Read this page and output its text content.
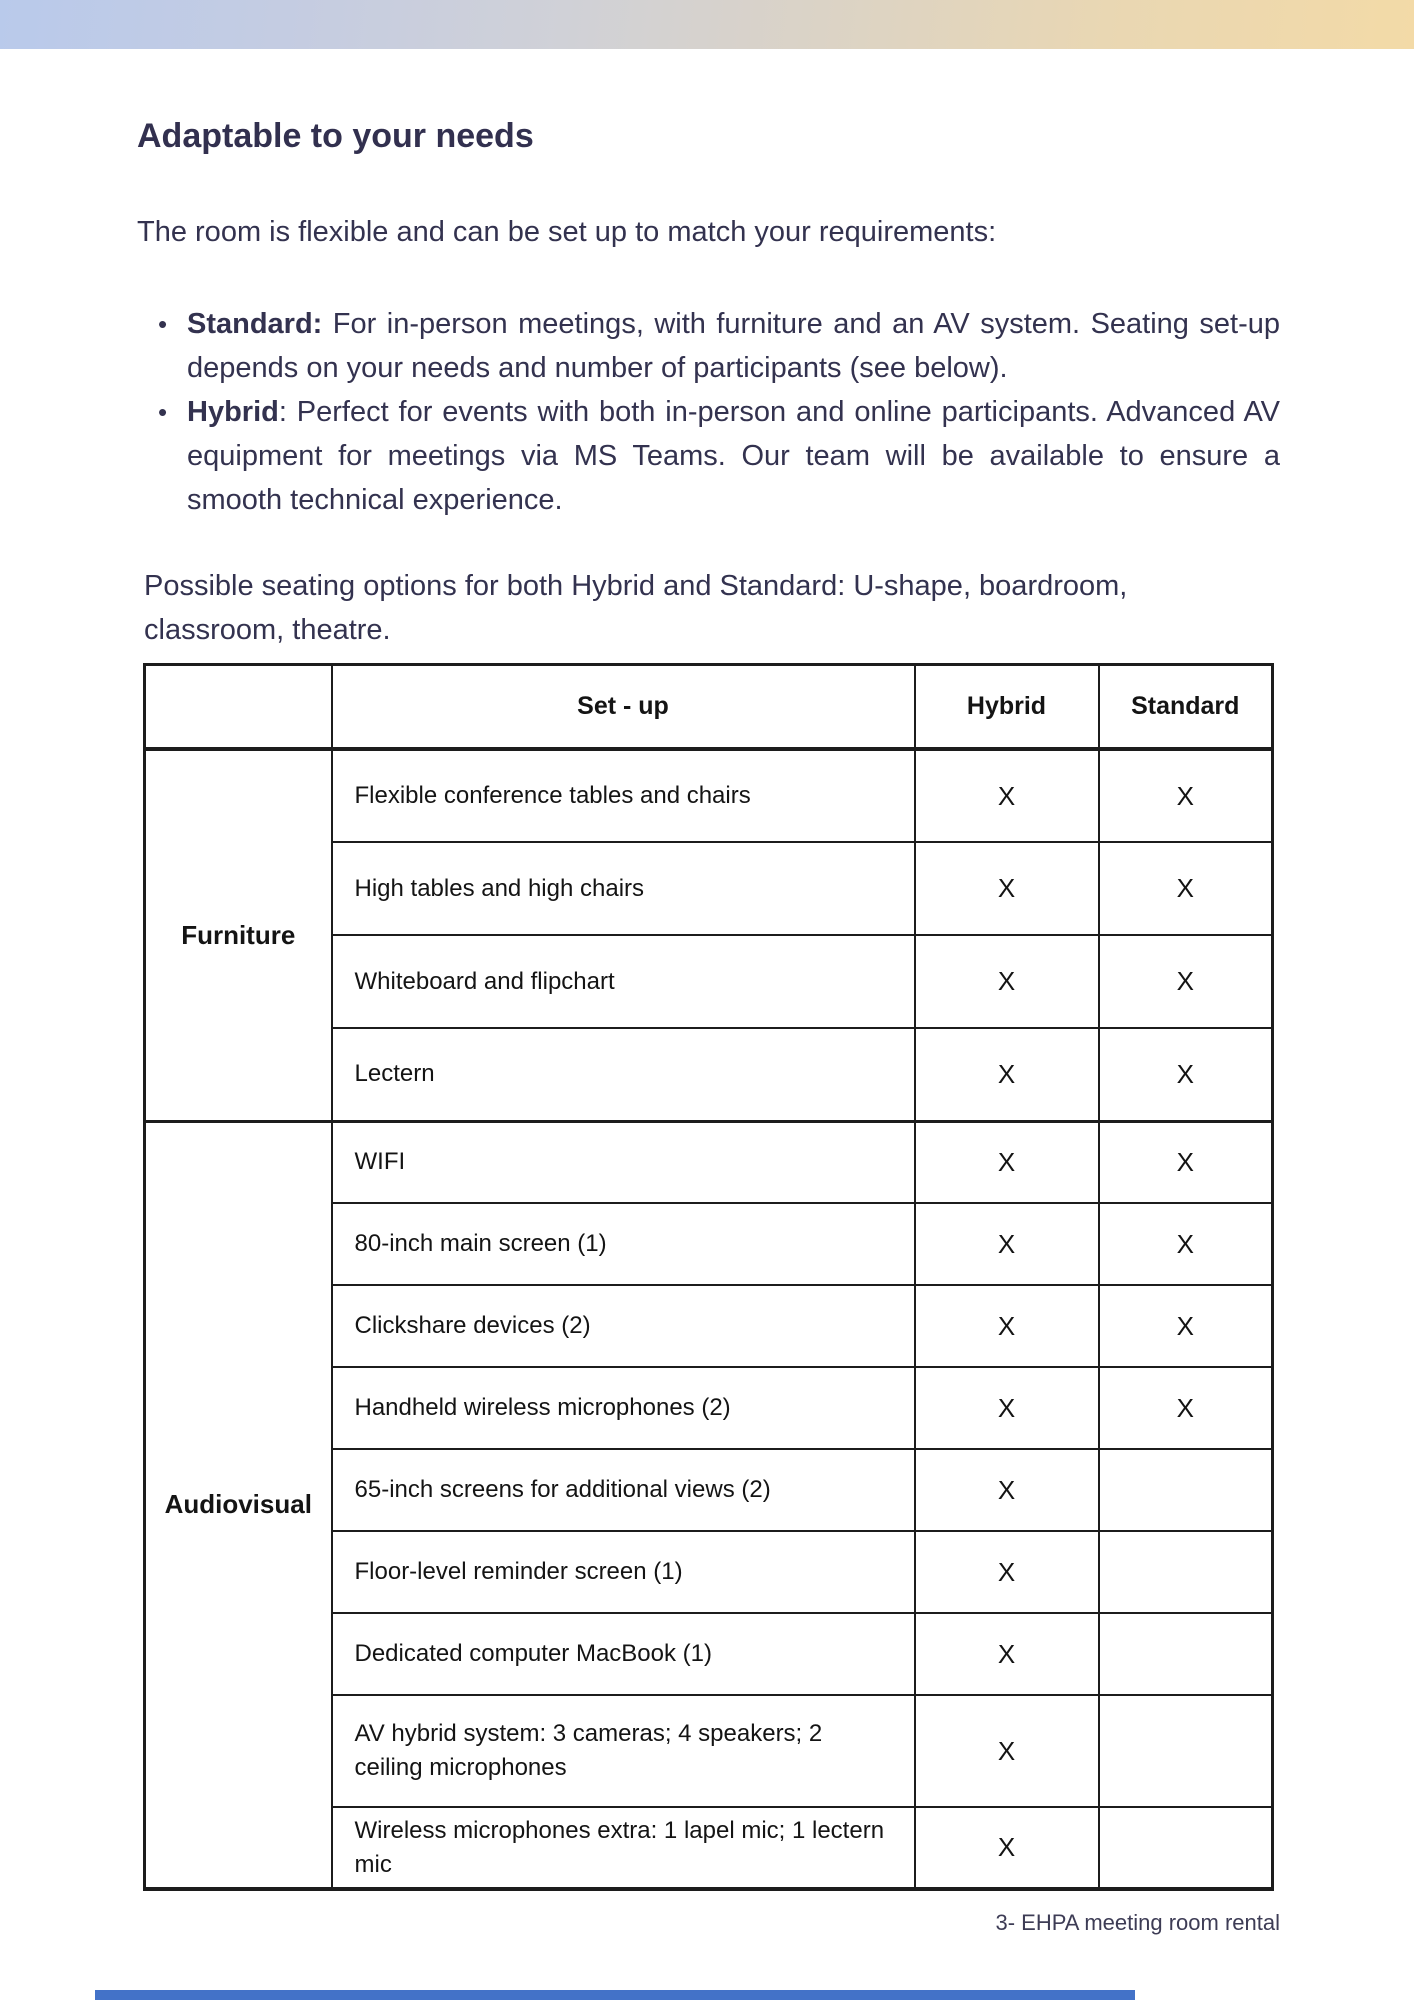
Adaptable to your needs

The room is flexible and can be set up to match your requirements:

• Standard: For in-person meetings, with furniture and an AV system. Seating set-up depends on your needs and number of participants (see below).
• Hybrid: Perfect for events with both in-person and online participants. Advanced AV equipment for meetings via MS Teams. Our team will be available to ensure a smooth technical experience.

Possible seating options for both Hybrid and Standard: U-shape, boardroom, classroom, theatre.

	Set - up	Hybrid	Standard
Furniture	Flexible conference tables and chairs	X	X
	High tables and high chairs	X	X
	Whiteboard and flipchart	X	X
	Lectern	X	X
Audiovisual	WIFI	X	X
	80-inch main screen (1)	X	X
	Clickshare devices (2)	X	X
	Handheld wireless microphones (2)	X	X
	65-inch screens for additional views (2)	X	
	Floor-level reminder screen (1)	X	
	Dedicated computer MacBook (1)	X	
	AV hybrid system: 3 cameras; 4 speakers; 2 ceiling microphones	X	
	Wireless microphones extra: 1 lapel mic; 1 lectern mic	X	
3- EHPA meeting room rental
